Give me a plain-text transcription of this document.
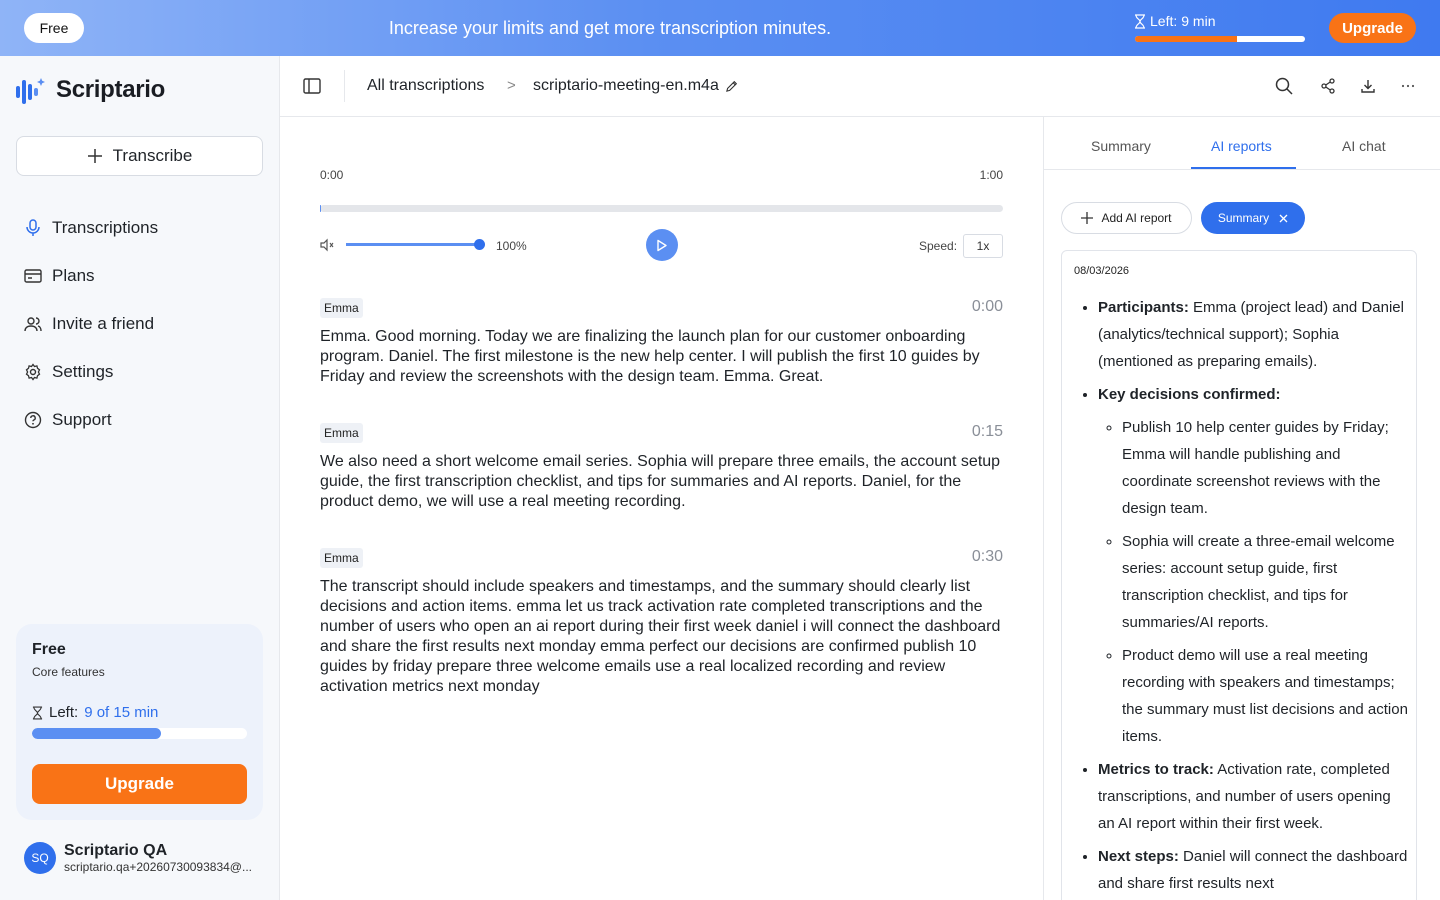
Free	Increase your limits and get more transcription minutes.	Left: 9 min	Upgrade
Scriptario
Transcribe
Transcriptions
Plans
Invite a friend
Settings
Support
Free
Core features
Left: 9 of 15 min
Upgrade
SQ Scriptario QA
scriptario.qa+20260730093834@...
All transcriptions > scriptario-meeting-en.m4a
0:00	1:00
100%	Speed:	1x
Emma	0:00
Emma. Good morning. Today we are finalizing the launch plan for our customer onboarding program. Daniel. The first milestone is the new help center. I will publish the first 10 guides by Friday and review the screenshots with the design team. Emma. Great.
Emma	0:15
We also need a short welcome email series. Sophia will prepare three emails, the account setup guide, the first transcription checklist, and tips for summaries and AI reports. Daniel, for the product demo, we will use a real meeting recording.
Emma	0:30
The transcript should include speakers and timestamps, and the summary should clearly list decisions and action items. emma let us track activation rate completed transcriptions and the number of users who open an ai report during their first week daniel i will connect the dashboard and share the first results next monday emma perfect our decisions are confirmed publish 10 guides by friday prepare three welcome emails use a real localized recording and review activation metrics next monday
Summary	AI reports	AI chat
Add AI report	Summary
08/03/2026
• Participants: Emma (project lead) and Daniel (analytics/technical support); Sophia (mentioned as preparing emails).
• Key decisions confirmed:
◦ Publish 10 help center guides by Friday; Emma will handle publishing and coordinate screenshot reviews with the design team.
◦ Sophia will create a three-email welcome series: account setup guide, first transcription checklist, and tips for summaries/AI reports.
◦ Product demo will use a real meeting recording with speakers and timestamps; the summary must list decisions and action items.
• Metrics to track: Activation rate, completed transcriptions, and number of users opening an AI report within their first week.
• Next steps: Daniel will connect the dashboard and share first results next
